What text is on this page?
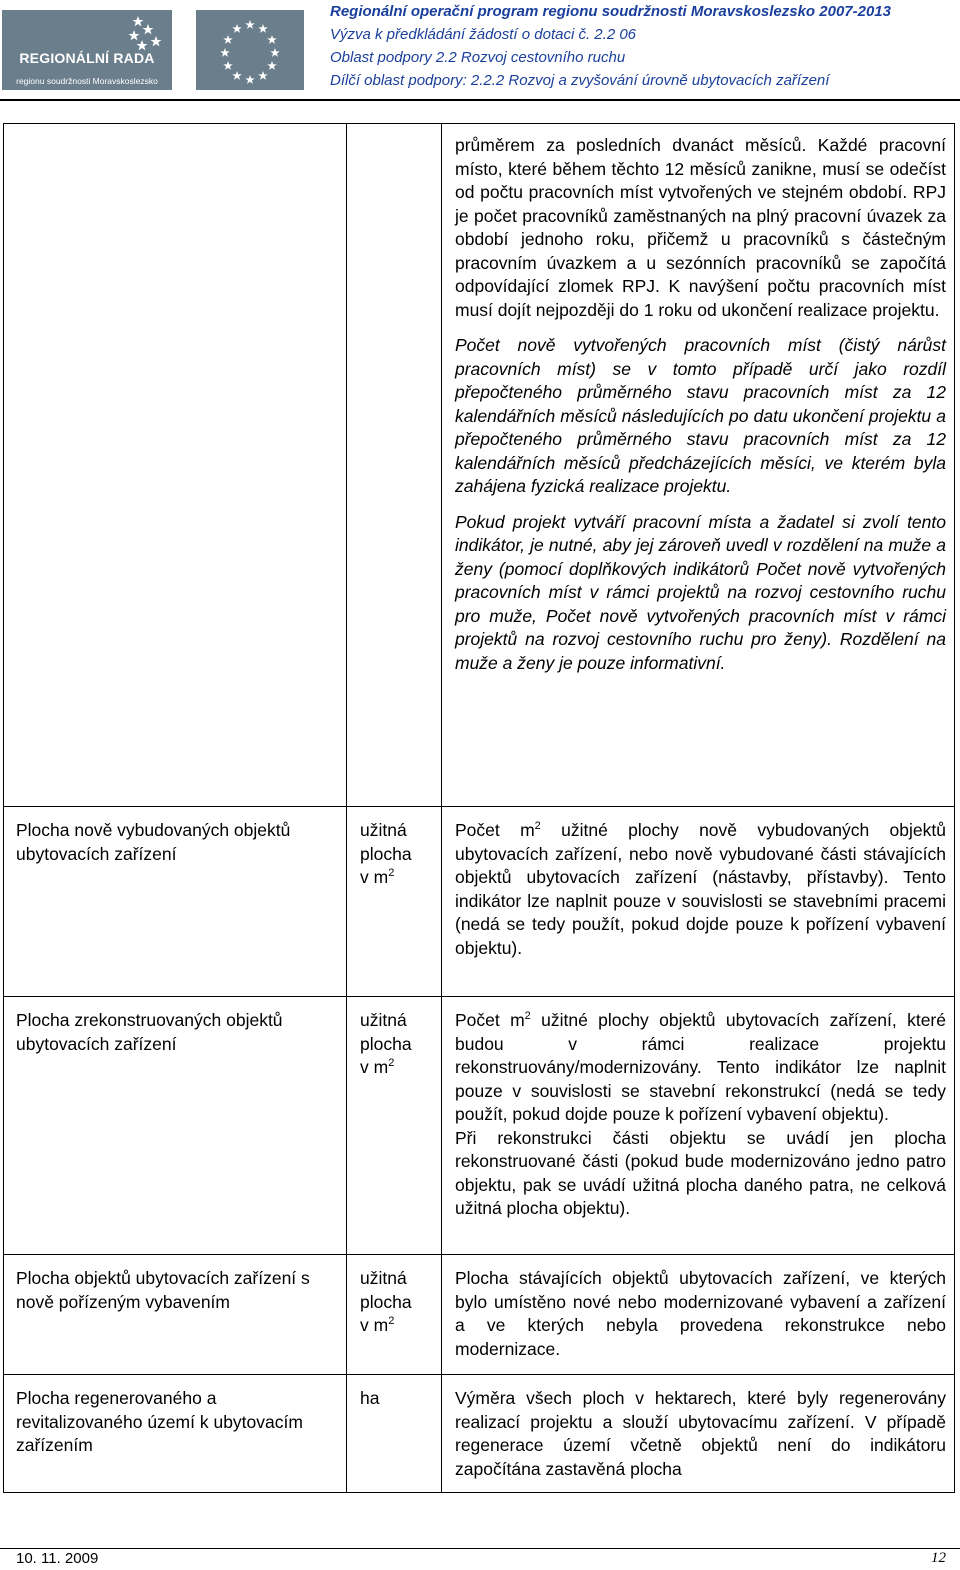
REGIONÁLNÍ RADA
regionu soudržnosti Moravskoslezsko
Regionální operační program regionu soudržnosti Moravskoslezsko 2007-2013
Výzva k předkládání žádostí o dotaci č. 2.2 06
Oblast podpory 2.2 Rozvoj cestovního ruchu
Dílčí oblast podpory: 2.2.2 Rozvoj a zvyšování úrovně ubytovacích zařízení

průměrem za posledních dvanáct měsíců. Každé pracovní místo, které během těchto 12 měsíců zanikne, musí se odečíst od počtu pracovních míst vytvořených ve stejném období. RPJ je počet pracovníků zaměstnaných na plný pracovní úvazek za období jednoho roku, přičemž u pracovníků s částečným pracovním úvazkem a u sezónních pracovníků se započítá odpovídající zlomek RPJ. K navýšení počtu pracovních míst musí dojít nejpozději do 1 roku od ukončení realizace projektu.

Počet nově vytvořených pracovních míst (čistý nárůst pracovních míst) se v tomto případě určí jako rozdíl přepočteného průměrného stavu pracovních míst za 12 kalendářních měsíců následujících po datu ukončení projektu a přepočteného průměrného stavu pracovních míst za 12 kalendářních měsíců předcházejících měsíci, ve kterém byla zahájena fyzická realizace projektu.

Pokud projekt vytváří pracovní místa a žadatel si zvolí tento indikátor, je nutné, aby jej zároveň uvedl v rozdělení na muže a ženy (pomocí doplňkových indikátorů Počet nově vytvořených pracovních míst v rámci projektů na rozvoj cestovního ruchu pro muže, Počet nově vytvořených pracovních míst v rámci projektů na rozvoj cestovního ruchu pro ženy). Rozdělení na muže a ženy je pouze informativní.

Plocha nově vybudovaných objektů ubytovacích zařízení
užitná plocha
v $m^2$

Počet $m^2$ užitné plochy nově vybudovaných objektů ubytovacích zařízení, nebo nově vybudované části stávajících objektů ubytovacích zařízení (nástavby, přístavby). Tento indikátor lze naplnit pouze v souvislosti se stavebními pracemi (nedá se tedy použít, pokud dojde pouze k pořízení vybavení objektu).

Plocha zrekonstruovaných objektů ubytovacích zařízení
užitná plocha
v $m^2$

Počet $m^2$ užitné plochy objektů ubytovacích zařízení, které budou v rámci realizace projektu rekonstruovány/modernizovány. Tento indikátor lze naplnit pouze v souvislosti se stavební rekonstrukcí (nedá se tedy použít, pokud dojde pouze k pořízení vybavení objektu).

Při rekonstrukci části objektu se uvádí jen plocha rekonstruované části (pokud bude modernizováno jedno patro objektu, pak se uvádí užitná plocha daného patra, ne celková užitná plocha objektu).

Plocha objektů ubytovacích zařízení s nově pořízeným vybavením
užitná plocha
v $m^2$
Plocha stávajících objektů ubytovacích zařízení, ve kterých bylo umístěno nové nebo modernizované vybavení a zařízení a ve kterých nebyla provedena rekonstrukce nebo modernizace.
Plocha regenerovaného a revitalizovaného území k ubytovacím zařízením
ha	Výměra všech ploch v hektarech, které byly regenerovány realizací projektu a slouží ubytovacímu zařízení. V případě regenerace území včetně objektů není do indikátoru započítána zastavěná plocha
10. 11. 2009	12
